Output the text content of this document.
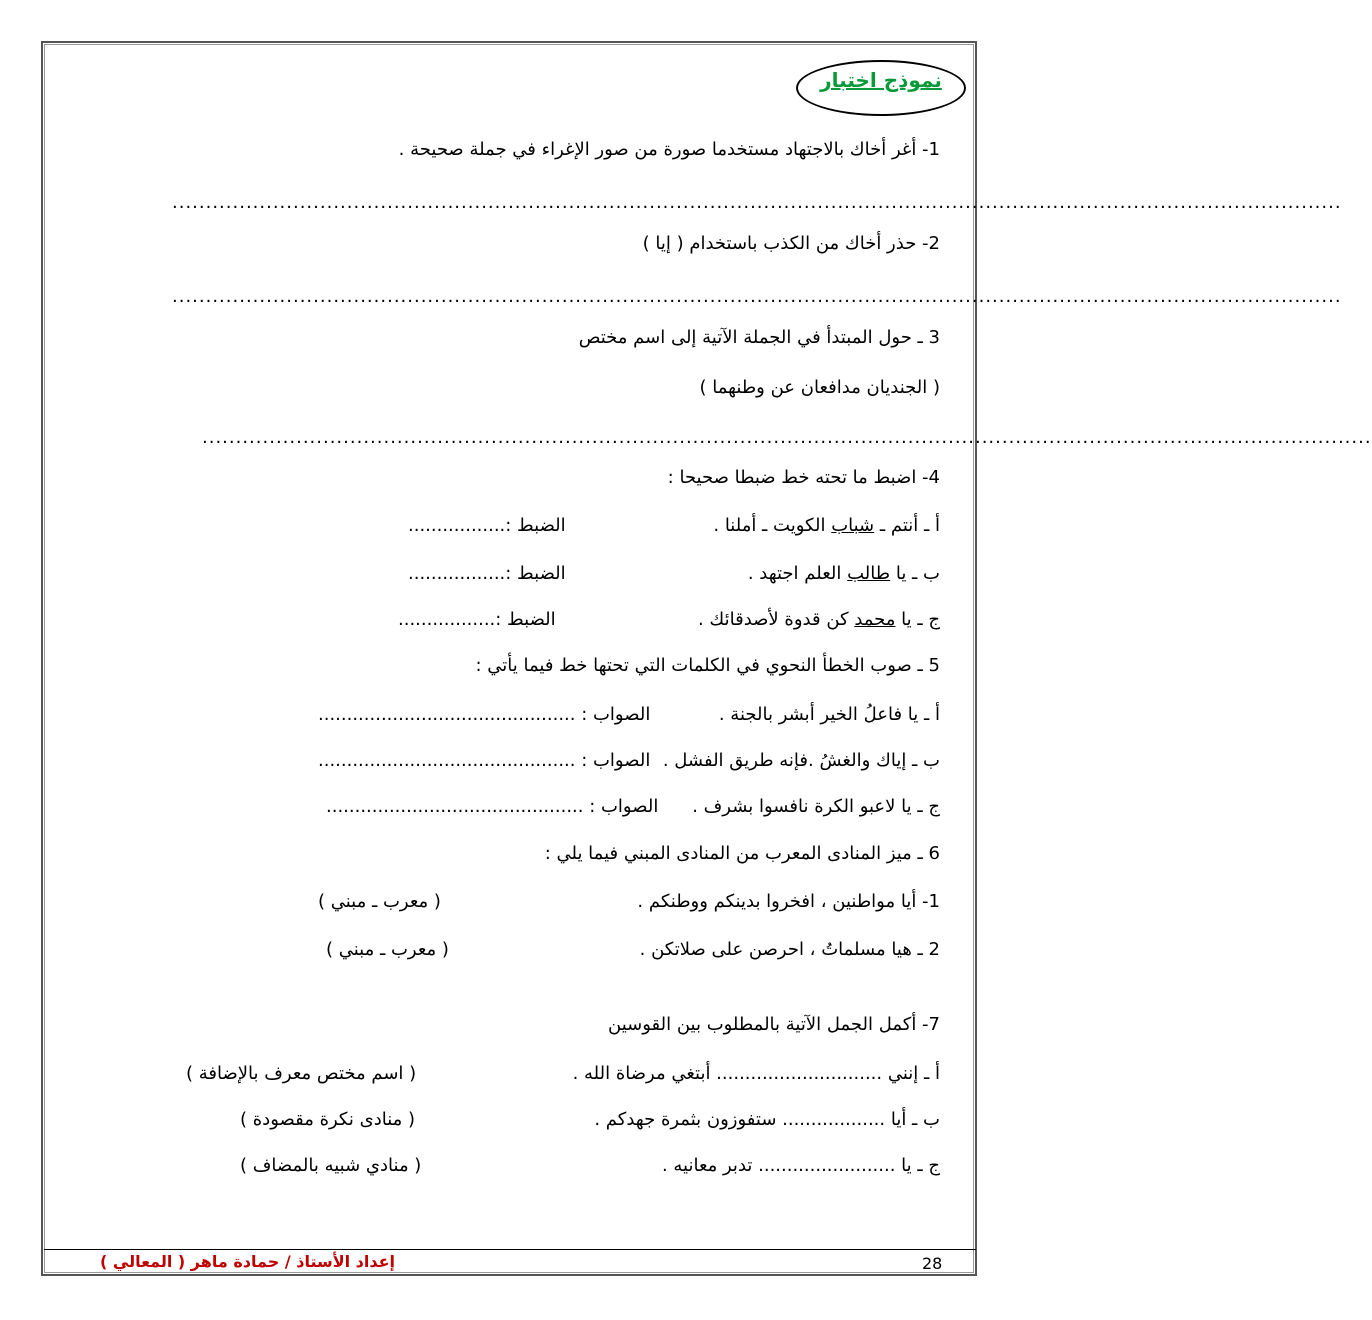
نموذج اختبار
1- أغر أخاك بالاجتهاد مستخدما صورة من صور الإغراء في جملة صحيحة .
..............................................................................................................................................................................
2- حذر أخاك من الكذب باستخدام ( إيا )
..............................................................................................................................................................................
3 ـ حول المبتدأ في الجملة الآتية إلى اسم مختص
( الجنديان مدافعان عن وطنهما )
..............................................................................................................................................................................
4- اضبط ما تحته خط ضبطا صحيحا :
أ ـ أنتم ـ شباب الكويت ـ أملنا .
الضبط :.................
ب ـ يا طالب العلم اجتهد .
الضبط :.................
ج ـ يا محمد كن قدوة لأصدقائك .
الضبط :.................
5 ـ صوب الخطأ النحوي في الكلمات التي تحتها خط فيما يأتي :
أ ـ يا فاعلُ الخير أبشر بالجنة .
الصواب : .............................................
ب ـ إياك والغشُ .فإنه طريق الفشل .
الصواب : .............................................
ج ـ يا لاعبو الكرة نافسوا بشرف .
الصواب : .............................................
6 ـ ميز المنادى المعرب من المنادى المبني فيما يلي :
1- أيا مواطنين ، افخروا بدينكم ووطنكم .
( معرب ـ مبني )
2 ـ هيا مسلماتُ ، احرصن على صلاتكن .
( معرب ـ مبني )
7- أكمل الجمل الآتية بالمطلوب بين القوسين
أ ـ إنني ............................. أبتغي مرضاة الله .
( اسم مختص معرف بالإضافة )
ب ـ أيا .................. ستفوزون بثمرة جهدكم .
( منادى نكرة مقصودة )
ج ـ يا ........................ تدبر معانيه .
( منادي شبيه بالمضاف )
إعداد الأستاذ / حمادة ماهر ( المعالي )	28
